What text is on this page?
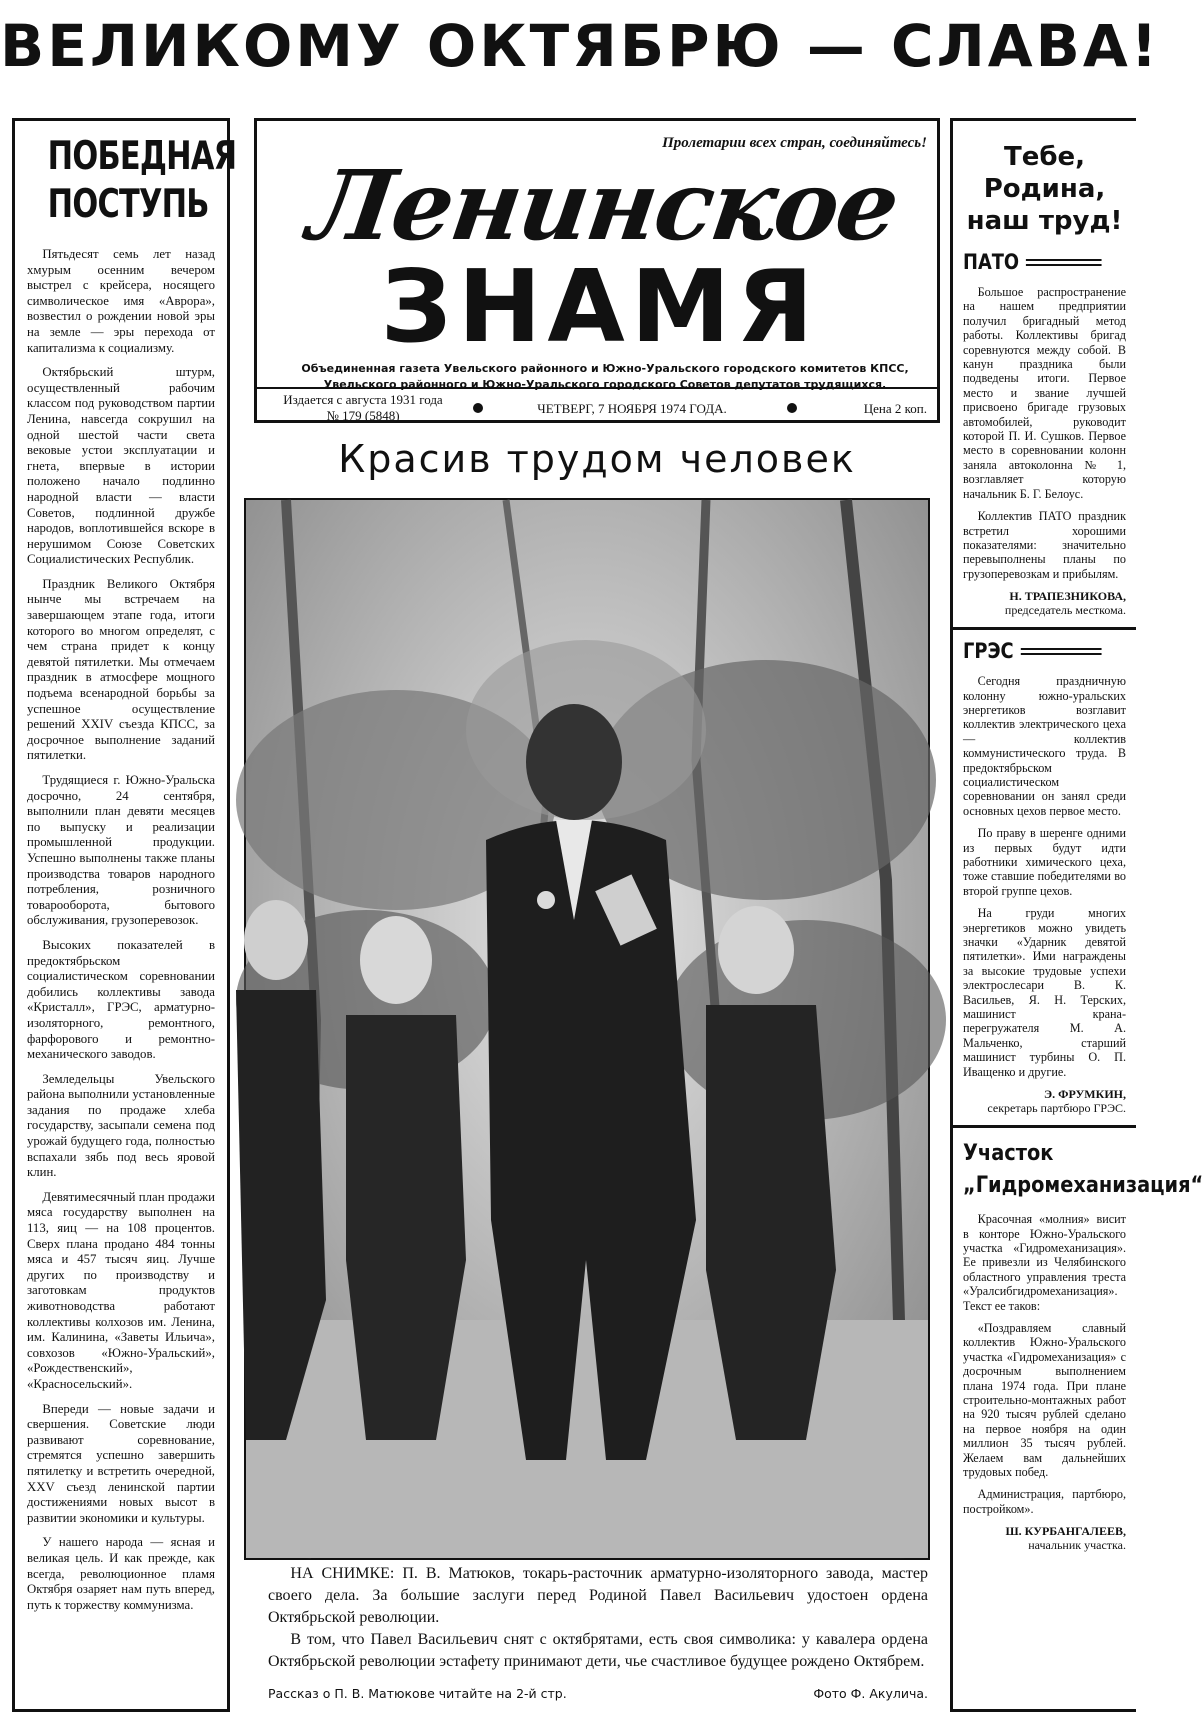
ВЕЛИКОМУ ОКТЯБРЮ — СЛАВА!
ПОБЕДНАЯ ПОСТУПЬ

Пятьдесят семь лет назад хмурым осенним вечером выстрел с крейсера, носящего символическое имя «Аврора», возвестил о рождении новой эры на земле — эры перехода от капитализма к социализму.

Октябрьский штурм, осуществленный рабочим классом под руководством партии Ленина, навсегда сокрушил на одной шестой части света вековые устои эксплуатации и гнета, впервые в истории положено начало подлинно народной власти — власти Советов, подлинной дружбе народов, воплотившейся вскоре в нерушимом Союзе Советских Социалистических Республик.

Праздник Великого Октября нынче мы встречаем на завершающем этапе года, итоги которого во многом определят, с чем страна придет к концу девятой пятилетки. Мы отмечаем праздник в атмосфере мощного подъема всенародной борьбы за успешное осуществление решений XXIV съезда КПСС, за досрочное выполнение заданий пятилетки.

Трудящиеся г. Южно-Уральска досрочно, 24 сентября, выполнили план девяти месяцев по выпуску и реализации промышленной продукции. Успешно выполнены также планы производства товаров народного потребления, розничного товарооборота, бытового обслуживания, грузоперевозок.

Высоких показателей в предоктябрьском социалистическом соревновании добились коллективы завода «Кристалл», ГРЭС, арматурно-изоляторного, ремонтного, фарфорового и ремонтно-механического заводов.

Земледельцы Увельского района выполнили установленные задания по продаже хлеба государству, засыпали семена под урожай будущего года, полностью вспахали зябь под весь яровой клин.

Девятимесячный план продажи мяса государству выполнен на 113, яиц — на 108 процентов. Сверх плана продано 484 тонны мяса и 457 тысяч яиц. Лучше других по производству и заготовкам продуктов животноводства работают коллективы колхозов им. Ленина, им. Калинина, «Заветы Ильича», совхозов «Южно-Уральский», «Рождественский», «Красносельский».

Впереди — новые задачи и свершения. Советские люди развивают соревнование, стремятся успешно завершить пятилетку и встретить очередной, XXV съезд ленинской партии достижениями новых высот в развитии экономики и культуры.

У нашего народа — ясная и великая цель. И как прежде, как всегда, революционное пламя Октября озаряет нам путь вперед, путь к торжеству коммунизма.

Пролетарии всех стран, соединяйтесь!
Ленинское
ЗНАМЯ
Объединенная газета Увельского районного и Южно-Уральского городского комитетов КПСС,
Увельского районного и Южно-Уральского городского Советов депутатов трудящихся.
Издается с августа 1931 года
№ 179 (5848)	ЧЕТВЕРГ, 7 НОЯБРЯ 1974 ГОДА.	Цена 2 коп.
Красив трудом человек

НА СНИМКЕ: П. В. Матюков, токарь-расточник арматурно-изоляторного завода, мастер своего дела. За большие заслуги перед Родиной Павел Васильевич удостоен ордена Октябрьской революции.

В том, что Павел Васильевич снят с октябрятами, есть своя символика: у кавалера ордена Октябрьской революции эстафету принимают дети, чье счастливое будущее рождено Октябрем.

Рассказ о П. В. Матюкове читайте на 2-й стр.	Фото Ф. Акулича.
Тебе, Родина, наш труд!
ПАТО

Большое распространение на нашем предприятии получил бригадный метод работы. Коллективы бригад соревнуются между собой. В канун праздника были подведены итоги. Первое место и звание лучшей присвоено бригаде грузовых автомобилей, руководит которой П. И. Сушков. Первое место в соревновании колонн заняла автоколонна № 1, возглавляет которую начальник Б. Г. Белоус.

Коллектив ПАТО праздник встретил хорошими показателями: значительно перевыполнены планы по грузоперевозкам и прибылям.

Н. ТРАПЕЗНИКОВА,
председатель месткома.
ГРЭС

Сегодня праздничную колонну южно-уральских энергетиков возглавит коллектив электрического цеха — коллектив коммунистического труда. В предоктябрьском социалистическом соревновании он занял среди основных цехов первое место.

По праву в шеренге одними из первых будут идти работники химического цеха, тоже ставшие победителями во второй группе цехов.

На груди многих энергетиков можно увидеть значки «Ударник девятой пятилетки». Ими награждены за высокие трудовые успехи электрослесари В. К. Васильев, Я. Н. Терских, машинист крана-перегружателя М. А. Мальченко, старший машинист турбины О. П. Иващенко и другие.

Э. ФРУМКИН,
секретарь партбюро ГРЭС.
Участок „Гидромеханизация“

Красочная «молния» висит в конторе Южно-Уральского участка «Гидромеханизация». Ее привезли из Челябинского областного управления треста «Уралсибгидромеханизация». Текст ее таков:

«Поздравляем славный коллектив Южно-Уральского участка «Гидромеханизация» с досрочным выполнением плана 1974 года. При плане строительно-монтажных работ на 920 тысяч рублей сделано на первое ноября на один миллион 35 тысяч рублей. Желаем вам дальнейших трудовых побед.

Администрация, партбюро, постройком».

Ш. КУРБАНГАЛЕЕВ,
начальник участка.
